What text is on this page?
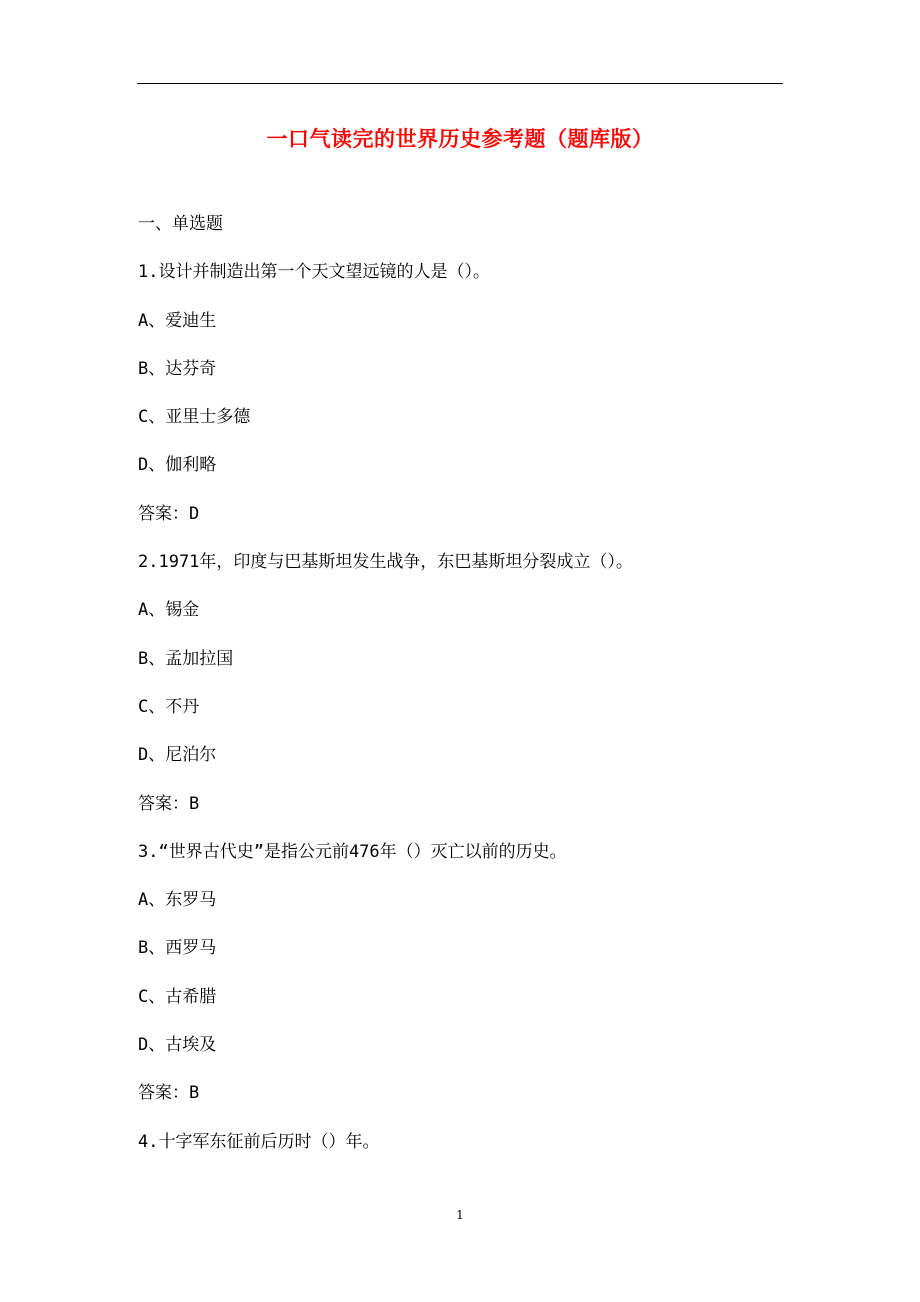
一口气读完的世界历史参考题（题库版）
一、单选题
1.设计并制造出第一个天文望远镜的人是（）。
A、爱迪生
B、达芬奇
C、亚里士多德
D、伽利略
答案：D
2.1971年，印度与巴基斯坦发生战争，东巴基斯坦分裂成立（）。
A、锡金
B、孟加拉国
C、不丹
D、尼泊尔
答案：B
3.“世界古代史”是指公元前476年（）灭亡以前的历史。
A、东罗马
B、西罗马
C、古希腊
D、古埃及
答案：B
4.十字军东征前后历时（）年。
1
